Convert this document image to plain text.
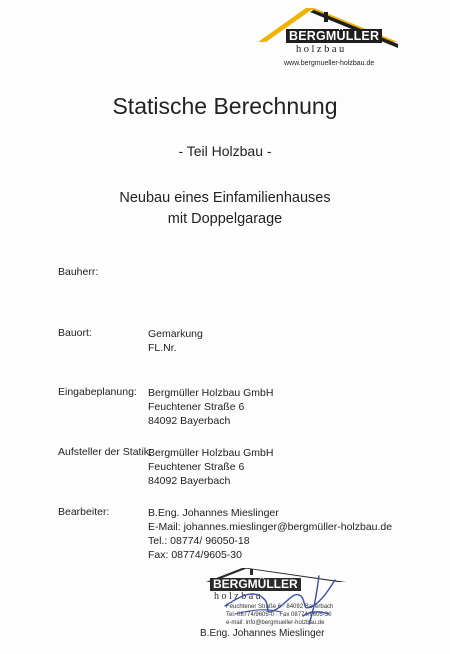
BERGMÜLLER
holzbau
www.bergmueller-holzbau.de
Statische Berechnung
- Teil Holzbau -
Neubau eines Einfamilienhauses
mit Doppelgarage
Bauherr:
Bauort:	Gemarkung
FL.Nr.
Eingabeplanung: Bergmüller Holzbau GmbH
Feuchtener Straße 6
84092 Bayerbach
Aufsteller der Statik:
Bergmüller Holzbau GmbH
Feuchtener Straße 6
84092 Bayerbach
Bearbeiter:	B.Eng. Johannes Mieslinger
E-Mail: johannes.mieslinger@bergmüller-holzbau.de
Tel.: 08774/ 96050-18
Fax: 08774/9605-30
BERGMÜLLER
holzbau
Feuchtener Straße 6 · 84092 Bayerbach
Tel. 08774/9605-0 · Fax 08774/9605-30
e-mail: info@bergmueller-holzbau.de
B.Eng. Johannes Mieslinger
